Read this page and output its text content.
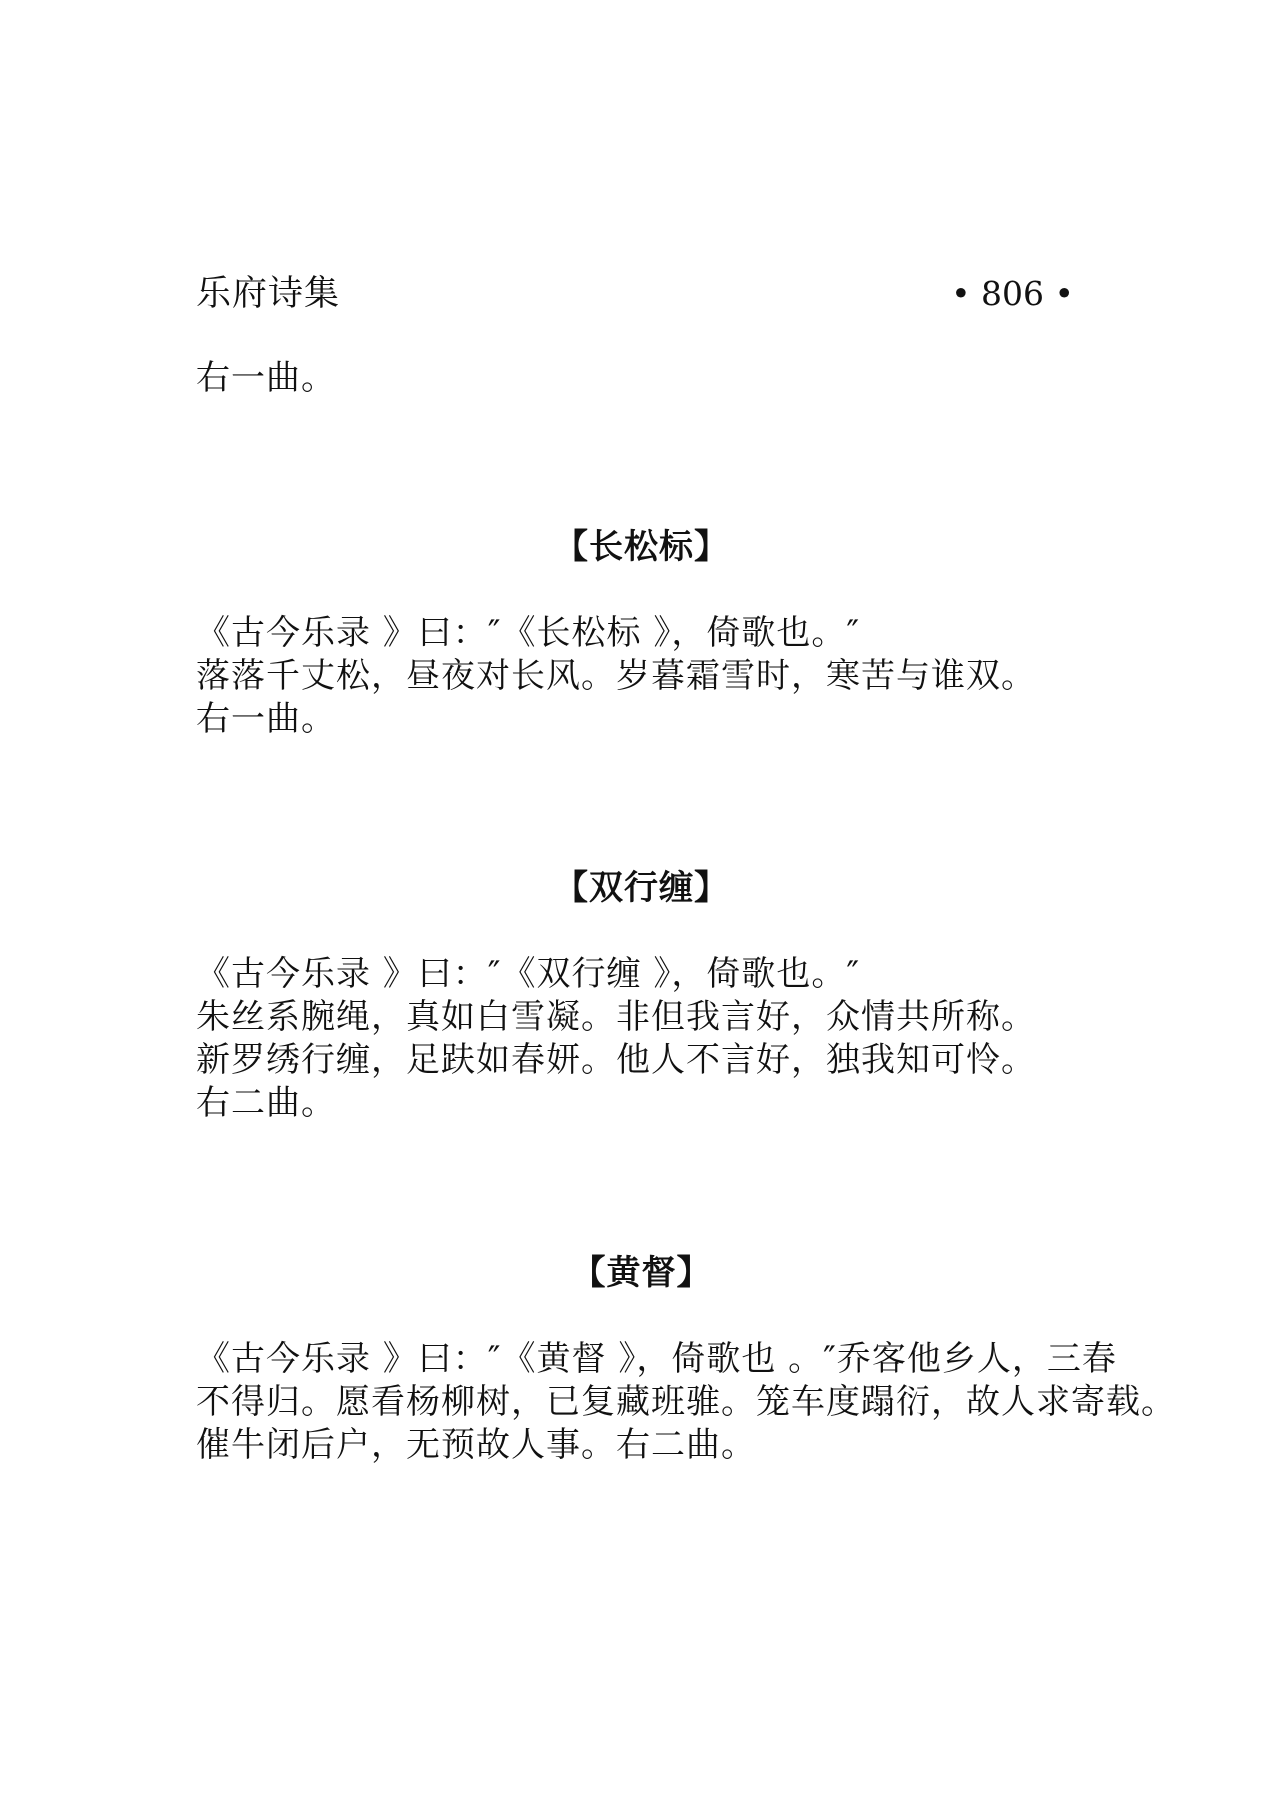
乐府诗集	• 806 •
右一曲。
【长松标】
《古今乐录 》曰：″《长松标 》，倚歌也。″
落落千丈松，昼夜对长风。岁暮霜雪时，寒苦与谁双。
右一曲。
【双行缠】
《古今乐录 》曰：″《双行缠 》，倚歌也。″
朱丝系腕绳，真如白雪凝。非但我言好，众情共所称。
新罗绣行缠，足趺如春妍。他人不言好，独我知可怜。
右二曲。
【黄督】
《古今乐录 》曰：″《黄督 》，倚歌也 。″乔客他乡人，三春
不得归。愿看杨柳树，已复藏班骓。笼车度蹋衍，故人求寄载。
催牛闭后户，无预故人事。右二曲。
